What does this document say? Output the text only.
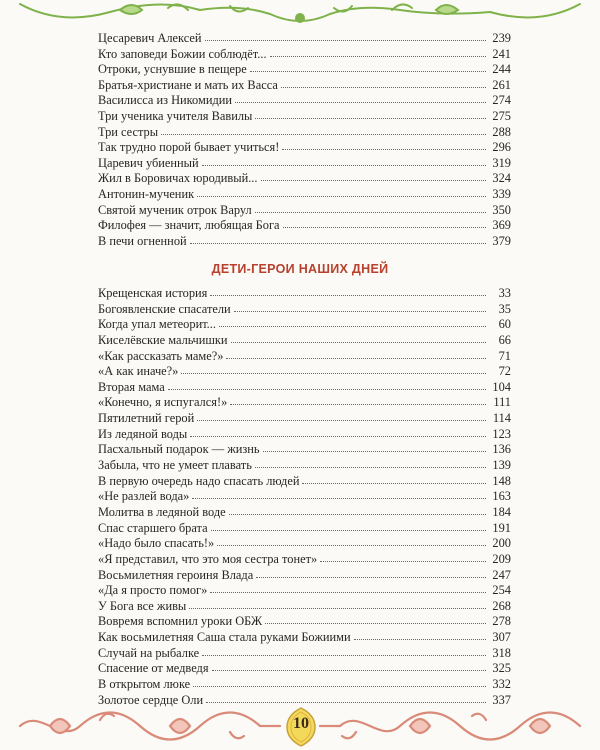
Цесаревич Алексей	239
Кто заповеди Божии соблюдёт...	241
Отроки, уснувшие в пещере	244
Братья-христиане и мать их Васса	261
Василисса из Никомидии	274
Три ученика учителя Вавилы	275
Три сестры	288
Так трудно порой бывает учиться!	296
Царевич убиенный	319
Жил в Боровичах юродивый...	324
Антонин-мученик	339
Святой мученик отрок Варул	350
Филофея — значит, любящая Бога	369
В печи огненной	379
ДЕТИ-ГЕРОИ НАШИХ ДНЕЙ
Крещенская история	33
Богоявленские спасатели	35
Когда упал метеорит...	60
Киселёвские мальчишки	66
«Как рассказать маме?»	71
«А как иначе?»	72
Вторая мама	104
«Конечно, я испугался!»	111
Пятилетний герой	114
Из ледяной воды	123
Пасхальный подарок — жизнь	136
Забыла, что не умеет плавать	139
В первую очередь надо спасать людей	148
«Не разлей вода»	163
Молитва в ледяной воде	184
Спас старшего брата	191
«Надо было спасать!»	200
«Я представил, что это моя сестра тонет»	209
Восьмилетняя героиня Влада	247
«Да я просто помог»	254
У Бога все живы	268
Вовремя вспомнил уроки ОБЖ	278
Как восьмилетняя Саша стала руками Божиими	307
Случай на рыбалке	318
Спасение от медведя	325
В открытом люке	332
Золотое сердце Оли	337
10
